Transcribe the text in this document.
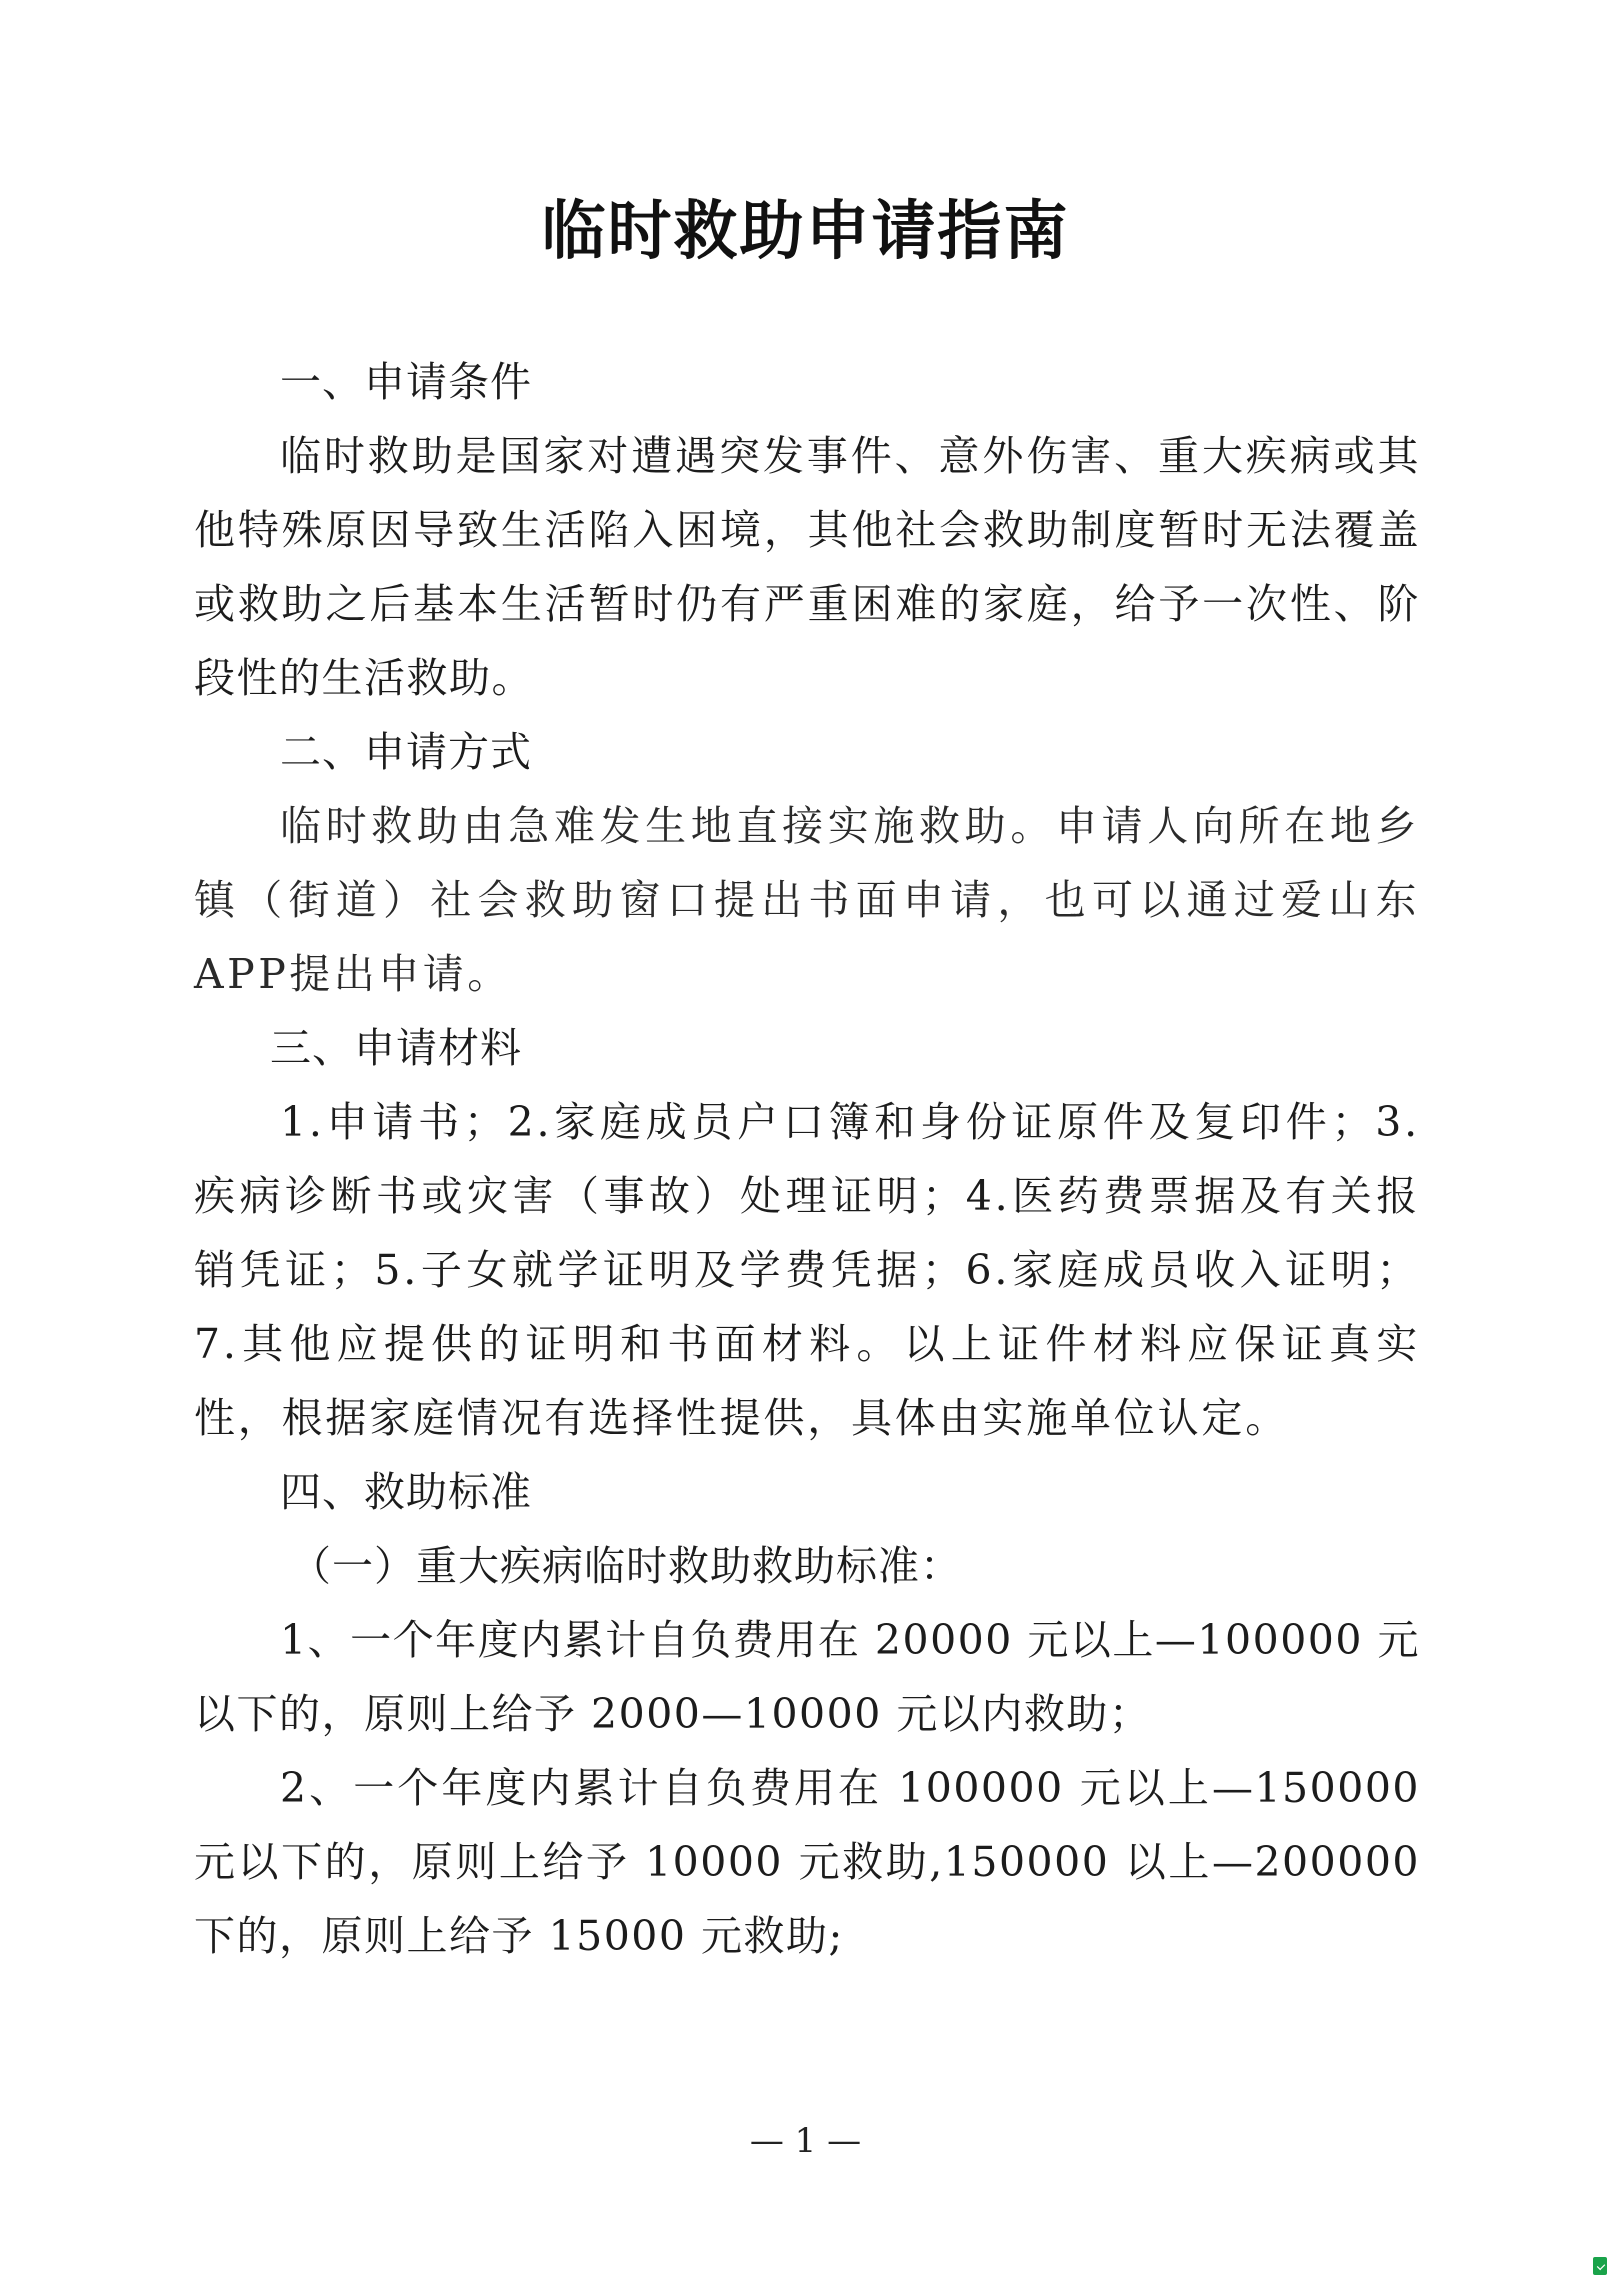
临时救助申请指南
一、申请条件

临时救助是国家对遭遇突发事件、意外伤害、重大疾病或其他特殊原因导致生活陷入困境，其他社会救助制度暂时无法覆盖或救助之后基本生活暂时仍有严重困难的家庭，给予一次性、阶段性的生活救助。

二、申请方式

临时救助由急难发生地直接实施救助。申请人向所在地乡镇（街道）社会救助窗口提出书面申请，也可以通过爱山东APP提出申请。

三、申请材料

1.申请书；2.家庭成员户口簿和身份证原件及复印件；3.疾病诊断书或灾害（事故）处理证明；4.医药费票据及有关报销凭证；5.子女就学证明及学费凭据；6.家庭成员收入证明；7.其他应提供的证明和书面材料。以上证件材料应保证真实性，根据家庭情况有选择性提供，具体由实施单位认定。

四、救助标准

（一）重大疾病临时救助救助标准：

1、一个年度内累计自负费用在 20000 元以上—100000 元以下的，原则上给予 2000—10000 元以内救助；

2、一个年度内累计自负费用在 100000 元以上—150000 元以下的，原则上给予 10000 元救助,150000 以上—200000 下的，原则上给予 15000 元救助;

— 1 —
